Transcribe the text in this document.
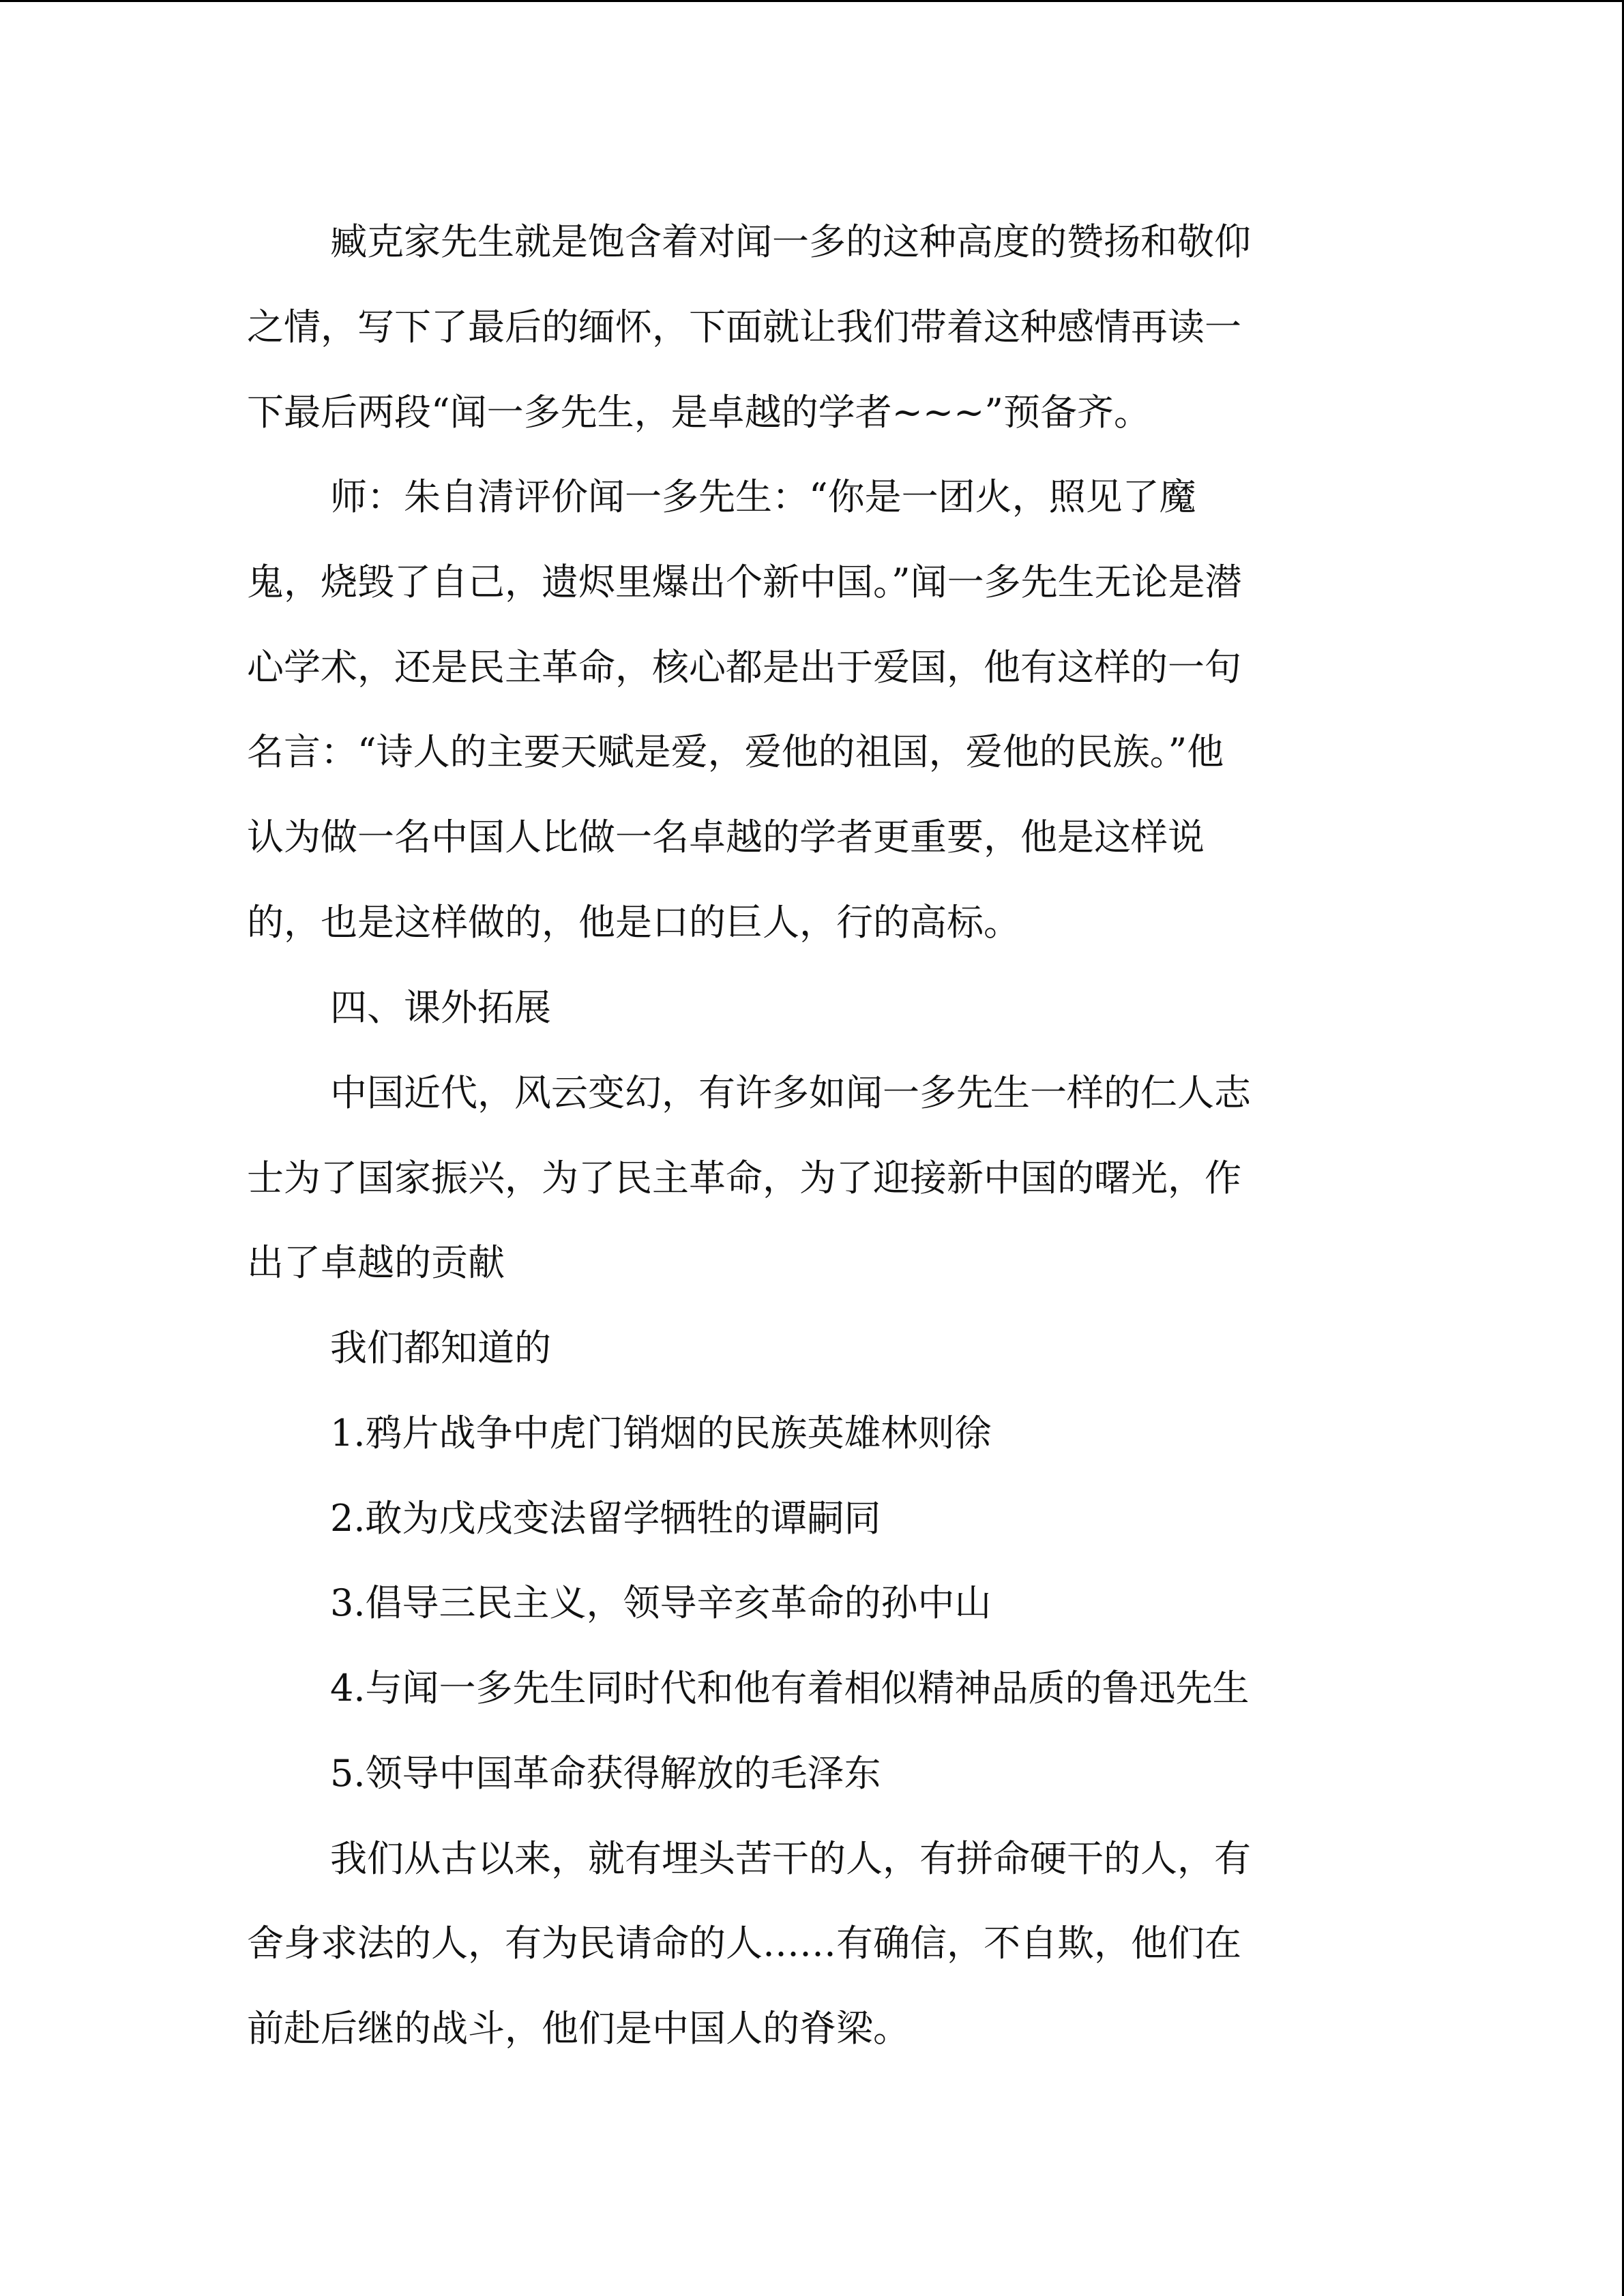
臧克家先生就是饱含着对闻一多的这种高度的赞扬和敬仰
之情，写下了最后的缅怀，下面就让我们带着这种感情再读一
下最后两段“闻一多先生，是卓越的学者~~~”预备齐。
师：朱自清评价闻一多先生：“你是一团火，照见了魔
鬼，烧毁了自己，遗烬里爆出个新中国。”闻一多先生无论是潜
心学术，还是民主革命，核心都是出于爱国，他有这样的一句
名言：“诗人的主要天赋是爱，爱他的祖国，爱他的民族。”他
认为做一名中国人比做一名卓越的学者更重要，他是这样说
的，也是这样做的，他是口的巨人，行的高标。
四、课外拓展
中国近代，风云变幻，有许多如闻一多先生一样的仁人志
士为了国家振兴，为了民主革命，为了迎接新中国的曙光，作
出了卓越的贡献
我们都知道的
1.鸦片战争中虎门销烟的民族英雄林则徐
2.敢为戊戌变法留学牺牲的谭嗣同
3.倡导三民主义，领导辛亥革命的孙中山
4.与闻一多先生同时代和他有着相似精神品质的鲁迅先生
5.领导中国革命获得解放的毛泽东
我们从古以来，就有埋头苦干的人，有拼命硬干的人，有
舍身求法的人，有为民请命的人……有确信，不自欺，他们在
前赴后继的战斗，他们是中国人的脊梁。
